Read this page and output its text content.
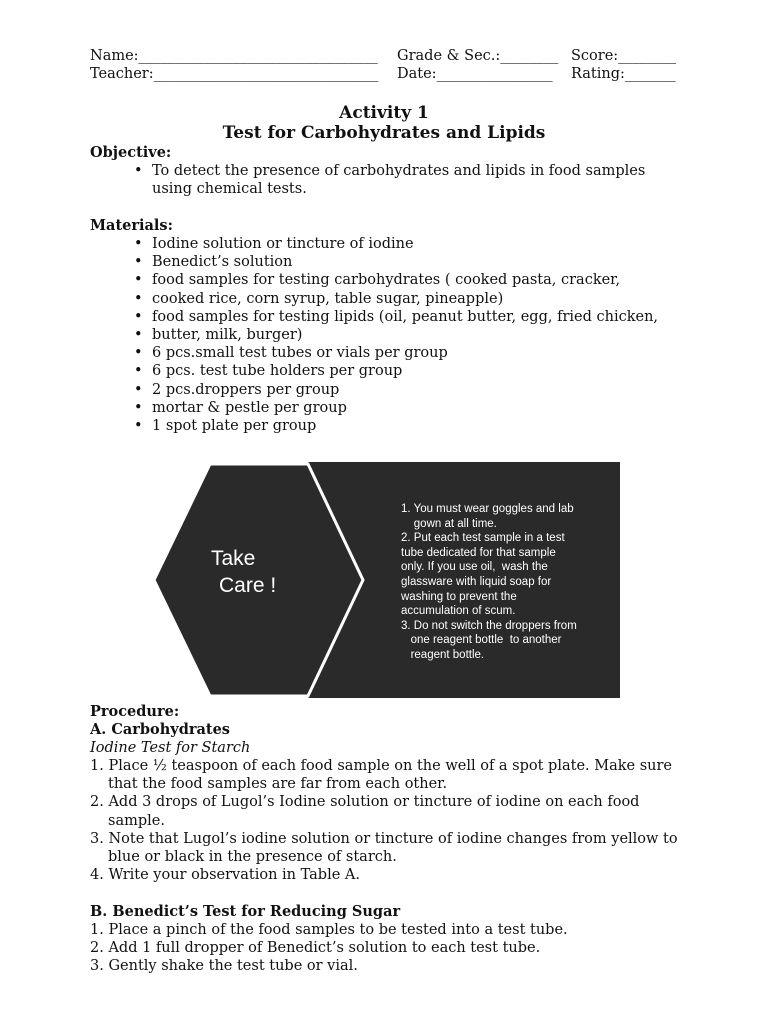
Name:_________________________________ Grade & Sec.:________ Score:________
Teacher:_______________________________ Date:________________ Rating:_______
Activity 1
Test for Carbohydrates and Lipids
Objective:
• To detect the presence of carbohydrates and lipids in food samples
using chemical tests.
Materials:
• Iodine solution or tincture of iodine
• Benedict’s solution
• food samples for testing carbohydrates ( cooked pasta, cracker,
• cooked rice, corn syrup, table sugar, pineapple)
• food samples for testing lipids (oil, peanut butter, egg, fried chicken,
• butter, milk, burger)
• 6 pcs.small test tubes or vials per group
• 6 pcs. test tube holders per group
• 2 pcs.droppers per group
• mortar & pestle per group
• 1 spot plate per group
Take
Care !
1. You must wear goggles and lab
gown at all time.
2. Put each test sample in a test
tube dedicated for that sample
only. If you use oil,  wash the
glassware with liquid soap for
washing to prevent the
accumulation of scum.
3. Do not switch the droppers from
one reagent bottle  to another
reagent bottle.
Procedure:
A. Carbohydrates
Iodine Test for Starch
1. Place ½ teaspoon of each food sample on the well of a spot plate. Make sure
that the food samples are far from each other.
2. Add 3 drops of Lugol’s Iodine solution or tincture of iodine on each food
sample.
3. Note that Lugol’s iodine solution or tincture of iodine changes from yellow to
blue or black in the presence of starch.
4. Write your observation in Table A.
B. Benedict’s Test for Reducing Sugar
1. Place a pinch of the food samples to be tested into a test tube.
2. Add 1 full dropper of Benedict’s solution to each test tube.
3. Gently shake the test tube or vial.
